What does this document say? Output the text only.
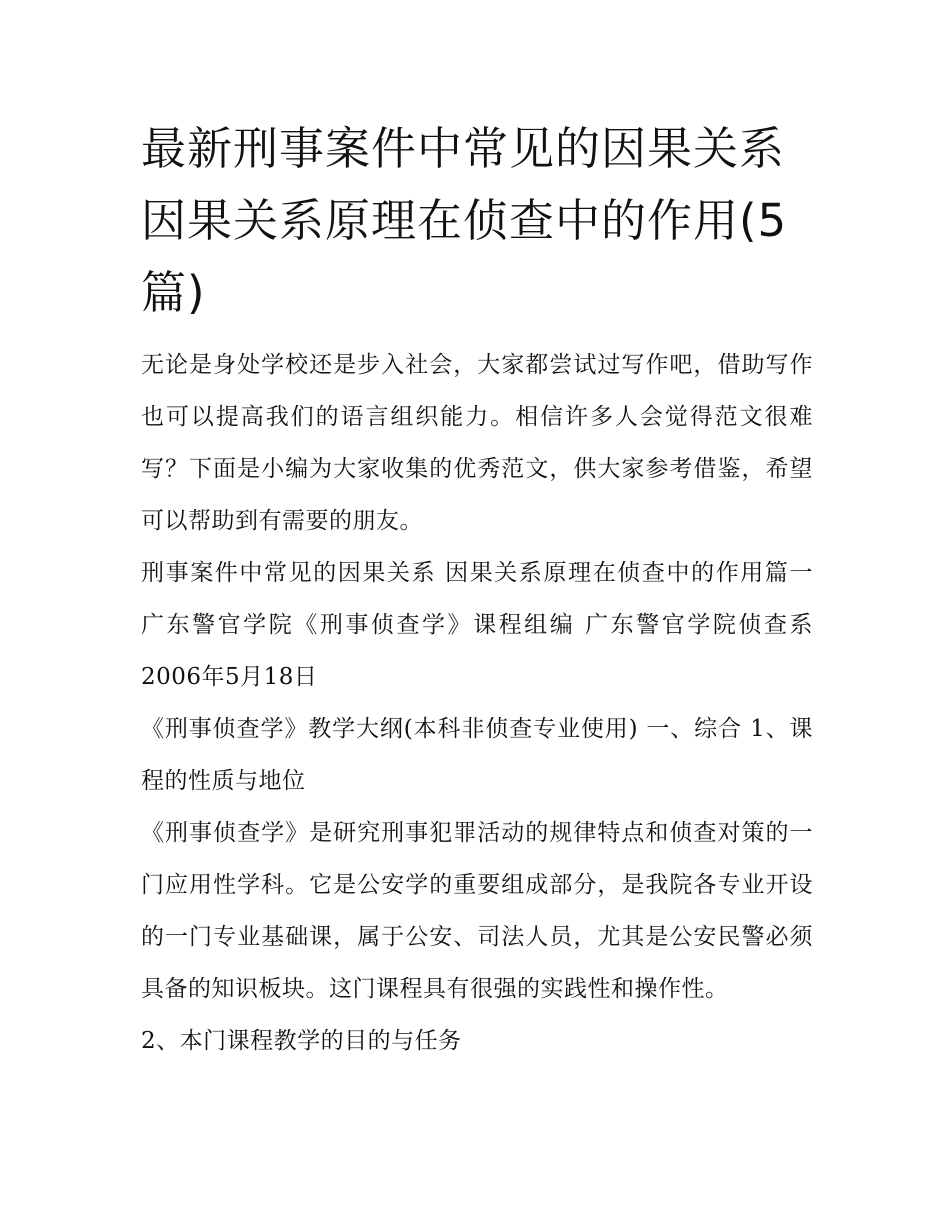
最新刑事案件中常见的因果关系 因果关系原理在侦查中的作用(5篇)

无论是身处学校还是步入社会，大家都尝试过写作吧，借助写作也可以提高我们的语言组织能力。相信许多人会觉得范文很难写？下面是小编为大家收集的优秀范文，供大家参考借鉴，希望可以帮助到有需要的朋友。

刑事案件中常见的因果关系 因果关系原理在侦查中的作用篇一 广东警官学院《刑事侦查学》课程组编 广东警官学院侦查系 2006年5月18日

《刑事侦查学》教学大纲(本科非侦查专业使用) 一、综合 1、课程的性质与地位

《刑事侦查学》是研究刑事犯罪活动的规律特点和侦查对策的一门应用性学科。它是公安学的重要组成部分，是我院各专业开设的一门专业基础课，属于公安、司法人员，尤其是公安民警必须具备的知识板块。这门课程具有很强的实践性和操作性。

2、本门课程教学的目的与任务
